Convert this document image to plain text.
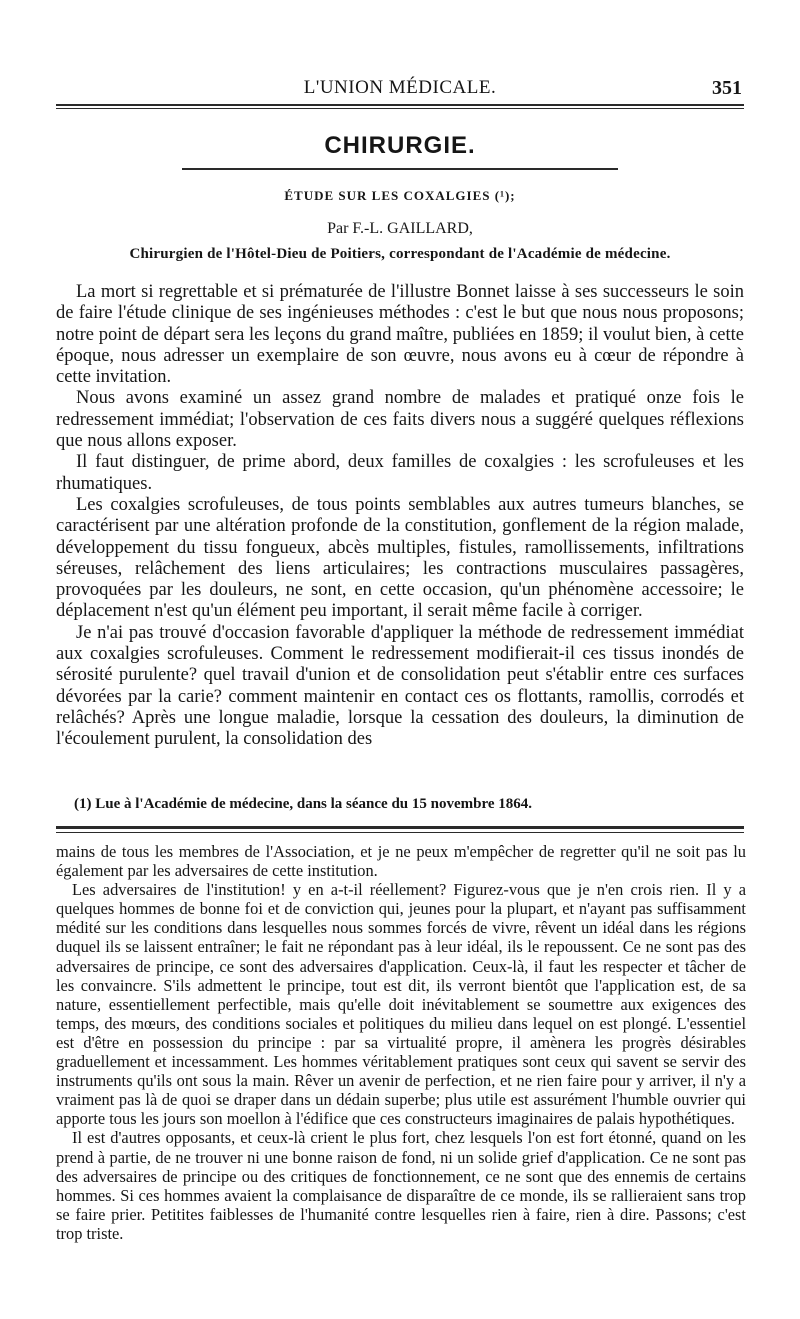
L'UNION MÉDICALE.	351
CHIRURGIE.
ÉTUDE SUR LES COXALGIES (¹);
Par F.-L. GAILLARD,
Chirurgien de l'Hôtel-Dieu de Poitiers, correspondant de l'Académie de médecine.

La mort si regrettable et si prématurée de l'illustre Bonnet laisse à ses successeurs le soin de faire l'étude clinique de ses ingénieuses méthodes : c'est le but que nous nous proposons; notre point de départ sera les leçons du grand maître, publiées en 1859; il voulut bien, à cette époque, nous adresser un exemplaire de son œuvre, nous avons eu à cœur de répondre à cette invitation.

Nous avons examiné un assez grand nombre de malades et pratiqué onze fois le redressement immédiat; l'observation de ces faits divers nous a suggéré quelques réflexions que nous allons exposer.

Il faut distinguer, de prime abord, deux familles de coxalgies : les scrofuleuses et les rhumatiques.

Les coxalgies scrofuleuses, de tous points semblables aux autres tumeurs blanches, se caractérisent par une altération profonde de la constitution, gonflement de la région malade, développement du tissu fongueux, abcès multiples, fistules, ramollissements, infiltrations séreuses, relâchement des liens articulaires; les contractions musculaires passagères, provoquées par les douleurs, ne sont, en cette occasion, qu'un phénomène accessoire; le déplacement n'est qu'un élément peu important, il serait même facile à corriger.

Je n'ai pas trouvé d'occasion favorable d'appliquer la méthode de redressement immédiat aux coxalgies scrofuleuses. Comment le redressement modifierait-il ces tissus inondés de sérosité purulente? quel travail d'union et de consolidation peut s'établir entre ces surfaces dévorées par la carie? comment maintenir en contact ces os flottants, ramollis, corrodés et relâchés? Après une longue maladie, lorsque la cessation des douleurs, la diminution de l'écoulement purulent, la consolidation des

(1) Lue à l'Académie de médecine, dans la séance du 15 novembre 1864.

mains de tous les membres de l'Association, et je ne peux m'empêcher de regretter qu'il ne soit pas lu également par les adversaires de cette institution.

Les adversaires de l'institution! y en a-t-il réellement? Figurez-vous que je n'en crois rien. Il y a quelques hommes de bonne foi et de conviction qui, jeunes pour la plupart, et n'ayant pas suffisamment médité sur les conditions dans lesquelles nous sommes forcés de vivre, rêvent un idéal dans les régions duquel ils se laissent entraîner; le fait ne répondant pas à leur idéal, ils le repoussent. Ce ne sont pas des adversaires de principe, ce sont des adversaires d'application. Ceux-là, il faut les respecter et tâcher de les convaincre. S'ils admettent le principe, tout est dit, ils verront bientôt que l'application est, de sa nature, essentiellement perfectible, mais qu'elle doit inévitablement se soumettre aux exigences des temps, des mœurs, des conditions sociales et politiques du milieu dans lequel on est plongé. L'essentiel est d'être en possession du principe : par sa virtualité propre, il amènera les progrès désirables graduellement et incessamment. Les hommes véritablement pratiques sont ceux qui savent se servir des instruments qu'ils ont sous la main. Rêver un avenir de perfection, et ne rien faire pour y arriver, il n'y a vraiment pas là de quoi se draper dans un dédain superbe; plus utile est assurément l'humble ouvrier qui apporte tous les jours son moellon à l'édifice que ces constructeurs imaginaires de palais hypothétiques.

Il est d'autres opposants, et ceux-là crient le plus fort, chez lesquels l'on est fort étonné, quand on les prend à partie, de ne trouver ni une bonne raison de fond, ni un solide grief d'application. Ce ne sont pas des adversaires de principe ou des critiques de fonctionnement, ce ne sont que des ennemis de certains hommes. Si ces hommes avaient la complaisance de disparaître de ce monde, ils se rallieraient sans trop se faire prier. Petitites faiblesses de l'humanité contre lesquelles rien à faire, rien à dire. Passons; c'est trop triste.
